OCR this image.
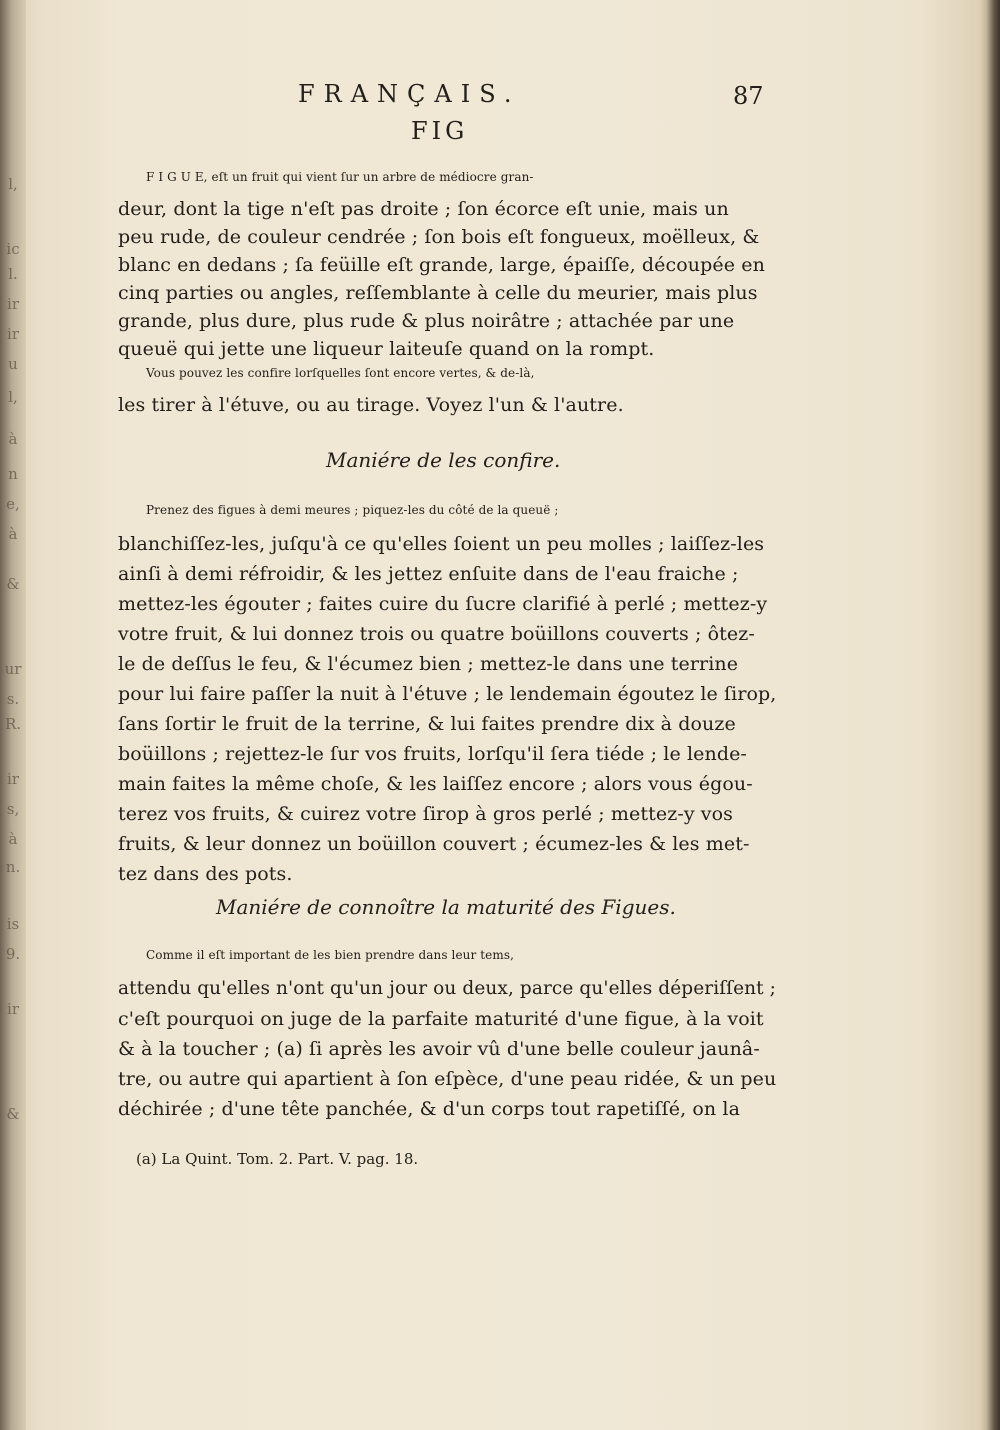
l,
ic
l.
ir
ir
u
l,
à
n
e,
à
&
ur
s.
R.
ir
s,
à
n.
is
9.
ir
&
FRANÇAIS.	87
FIG
F I G U E, eſt un fruit qui vient ſur un arbre de médiocre gran-
deur, dont la tige n'eſt pas droite ; ſon écorce eſt unie, mais un
peu rude, de couleur cendrée ; ſon bois eſt fongueux, moëlleux, &
blanc en dedans ; ſa feüille eſt grande, large, épaiſſe, découpée en
cinq parties ou angles, reſſemblante à celle du meurier, mais plus
grande, plus dure, plus rude & plus noirâtre ; attachée par une
queuë qui jette une liqueur laiteuſe quand on la rompt.
Vous pouvez les confire lorſquelles ſont encore vertes, & de-là,
les tirer à l'étuve, ou au tirage. Voyez l'un & l'autre.
Maniére de les confire.
Prenez des figues à demi meures ; piquez-les du côté de la queuë ;
blanchiſſez-les, juſqu'à ce qu'elles ſoient un peu molles ; laiſſez-les
ainſi à demi réfroidir, & les jettez enſuite dans de l'eau fraiche ;
mettez-les égouter ; faites cuire du ſucre clarifié à perlé ; mettez-y
votre fruit, & lui donnez trois ou quatre boüillons couverts ; ôtez-
le de deſſus le feu, & l'écumez bien ; mettez-le dans une terrine
pour lui faire paſſer la nuit à l'étuve ; le lendemain égoutez le ſirop,
ſans ſortir le fruit de la terrine, & lui faites prendre dix à douze
boüillons ; rejettez-le ſur vos fruits, lorſqu'il ſera tiéde ; le lende-
main faites la même choſe, & les laiſſez encore ; alors vous égou-
terez vos fruits, & cuirez votre ſirop à gros perlé ; mettez-y vos
fruits, & leur donnez un boüillon couvert ; écumez-les & les met-
tez dans des pots.
Maniére de connoître la maturité des Figues.
Comme il eſt important de les bien prendre dans leur tems,
attendu qu'elles n'ont qu'un jour ou deux, parce qu'elles déperiſſent ;
c'eſt pourquoi on juge de la parfaite maturité d'une figue, à la voit
& à la toucher ; (a) ſi après les avoir vû d'une belle couleur jaunâ-
tre, ou autre qui apartient à ſon eſpèce, d'une peau ridée, & un peu
déchirée ; d'une tête panchée, & d'un corps tout rapetiſſé, on la
(a) La Quint. Tom. 2. Part. V. pag. 18.
